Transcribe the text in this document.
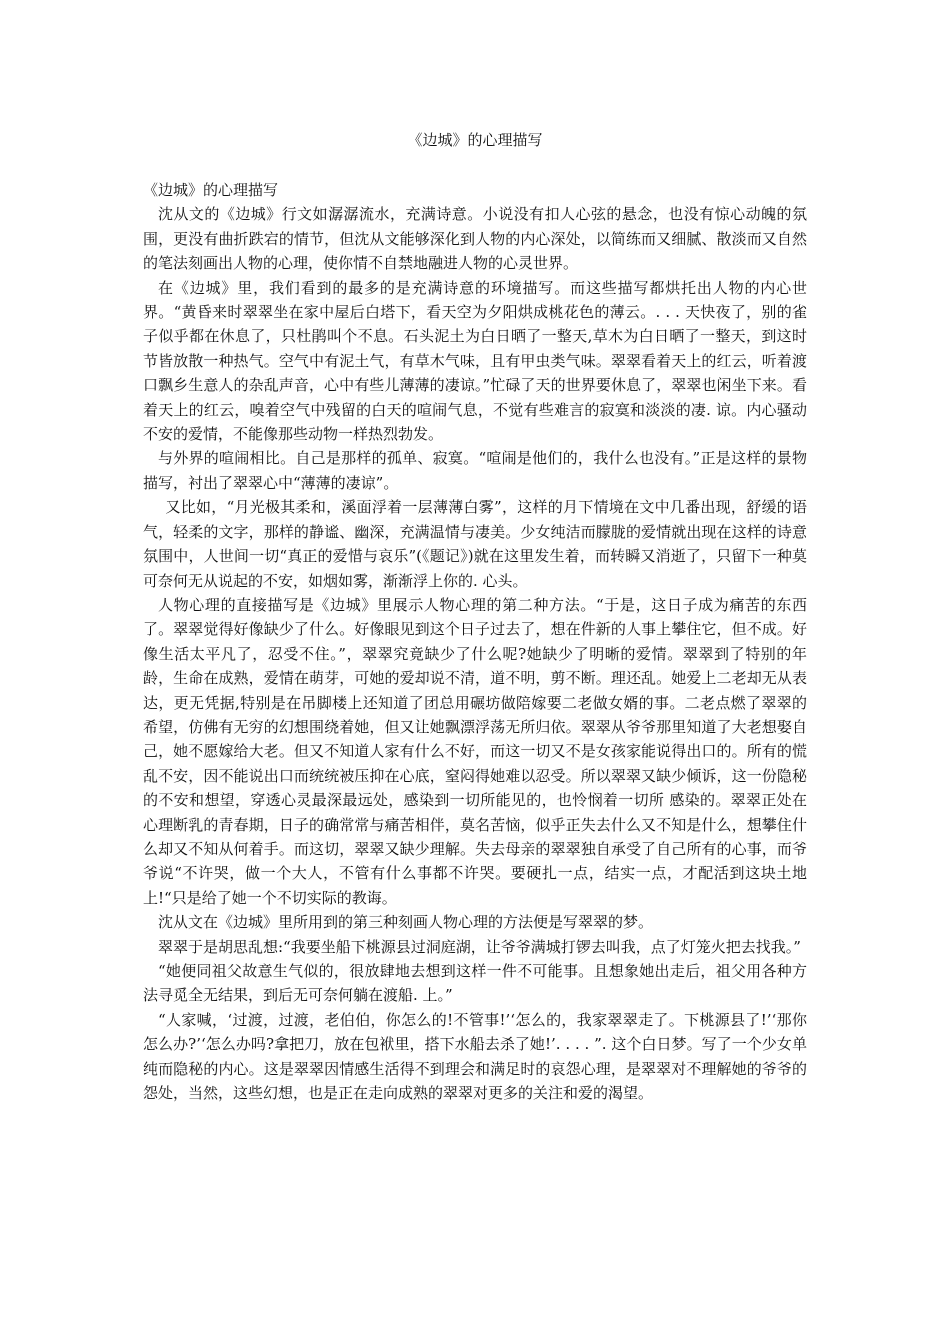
《边城》的心理描写

《边城》的心理描写

沈从文的《边城》行文如潺潺流水，充满诗意。小说没有扣人心弦的悬念，也没有惊心动魄的氛围，更没有曲折跌宕的情节，但沈从文能够深化到人物的内心深处，以简练而又细腻、散淡而又自然的笔法刻画出人物的心理，使你情不自禁地融进人物的心灵世界。

在《边城》里，我们看到的最多的是充满诗意的环境描写。而这些描写都烘托出人物的内心世界。“黄昏来时翠翠坐在家中屋后白塔下，看天空为夕阳烘成桃花色的薄云。. . . 天快夜了，别的雀子似乎都在休息了，只杜鹃叫个不息。石头泥土为白日晒了一整天,草木为白日晒了一整天，到这时节皆放散一种热气。空气中有泥土气，有草木气味，且有甲虫类气味。翠翠看着天上的红云，听着渡口飘乡生意人的杂乱声音，心中有些儿薄薄的凄谅。”忙碌了天的世界要休息了，翠翠也闲坐下来。看着天上的红云，嗅着空气中残留的白天的喧闹气息，不觉有些难言的寂寞和淡淡的凄. 谅。内心骚动不安的爱情，不能像那些动物一样热烈勃发。

与外界的喧闹相比。自己是那样的孤单、寂寞。“喧闹是他们的，我什么也没有。”正是这样的景物描写，衬出了翠翠心中“薄薄的凄谅”。

又比如，“月光极其柔和，溪面浮着一层薄薄白雾”，这样的月下情境在文中几番出现，舒缓的语气，轻柔的文字，那样的静谧、幽深，充满温情与凄美。少女纯洁而朦胧的爱情就出现在这样的诗意氛围中，人世间一切“真正的爱惜与哀乐”(《题记》)就在这里发生着，而转瞬又消逝了，只留下一种莫可奈何无从说起的不安，如烟如雾，渐渐浮上你的. 心头。

人物心理的直接描写是《边城》里展示人物心理的第二种方法。“于是，这日子成为痛苦的东西了。翠翠觉得好像缺少了什么。好像眼见到这个日子过去了，想在件新的人事上攀住它，但不成。好像生活太平凡了，忍受不住。”，翠翠究竟缺少了什么呢?她缺少了明晰的爱情。翠翠到了特别的年龄，生命在成熟，爱情在萌芽，可她的爱却说不清，道不明，剪不断。理还乱。她爱上二老却无从表达，更无凭据,特别是在吊脚楼上还知道了团总用碾坊做陪嫁要二老做女婿的事。二老点燃了翠翠的希望，仿佛有无穷的幻想围绕着她，但又让她飘漂浮荡无所归依。翠翠从爷爷那里知道了大老想娶自己，她不愿嫁给大老。但又不知道人家有什么不好，而这一切又不是女孩家能说得出口的。所有的慌乱不安，因不能说出口而统统被压抑在心底，窒闷得她难以忍受。所以翠翠又缺少倾诉，这一份隐秘的不安和想望，穿透心灵最深最远处，感染到一切所能见的，也怜悯着一切所 感染的。翠翠正处在心理断乳的青春期，日子的确常常与痛苦相伴，莫名苦恼，似乎正失去什么又不知是什么，想攀住什么却又不知从何着手。而这切，翠翠又缺少理解。失去母亲的翠翠独自承受了自己所有的心事，而爷爷说“不许哭，做一个大人，不管有什么事都不许哭。要硬扎一点，结实一点，才配活到这块土地上!“只是给了她一个不切实际的教诲。

沈从文在《边城》里所用到的第三种刻画人物心理的方法便是写翠翠的梦。

翠翠于是胡思乱想:“我要坐船下桃源县过洞庭湖，让爷爷满城打锣去叫我，点了灯笼火把去找我。”

“她便同祖父故意生气似的，很放肆地去想到这样一件不可能事。且想象她出走后，祖父用各种方法寻觅全无结果，到后无可奈何躺在渡船. 上。”

“人家喊，‘过渡，过渡，老伯伯，你怎么的!不管事!’‘怎么的，我家翠翠走了。下桃源县了!’‘那你怎么办?’‘怎么办吗?拿把刀，放在包袱里，搭下水船去杀了她!’. . . . ”. 这个白日梦。写了一个少女单纯而隐秘的内心。这是翠翠因情感生活得不到理会和满足时的哀怨心理，是翠翠对不理解她的爷爷的怨处，当然，这些幻想，也是正在走向成熟的翠翠对更多的关注和爱的渴望。
